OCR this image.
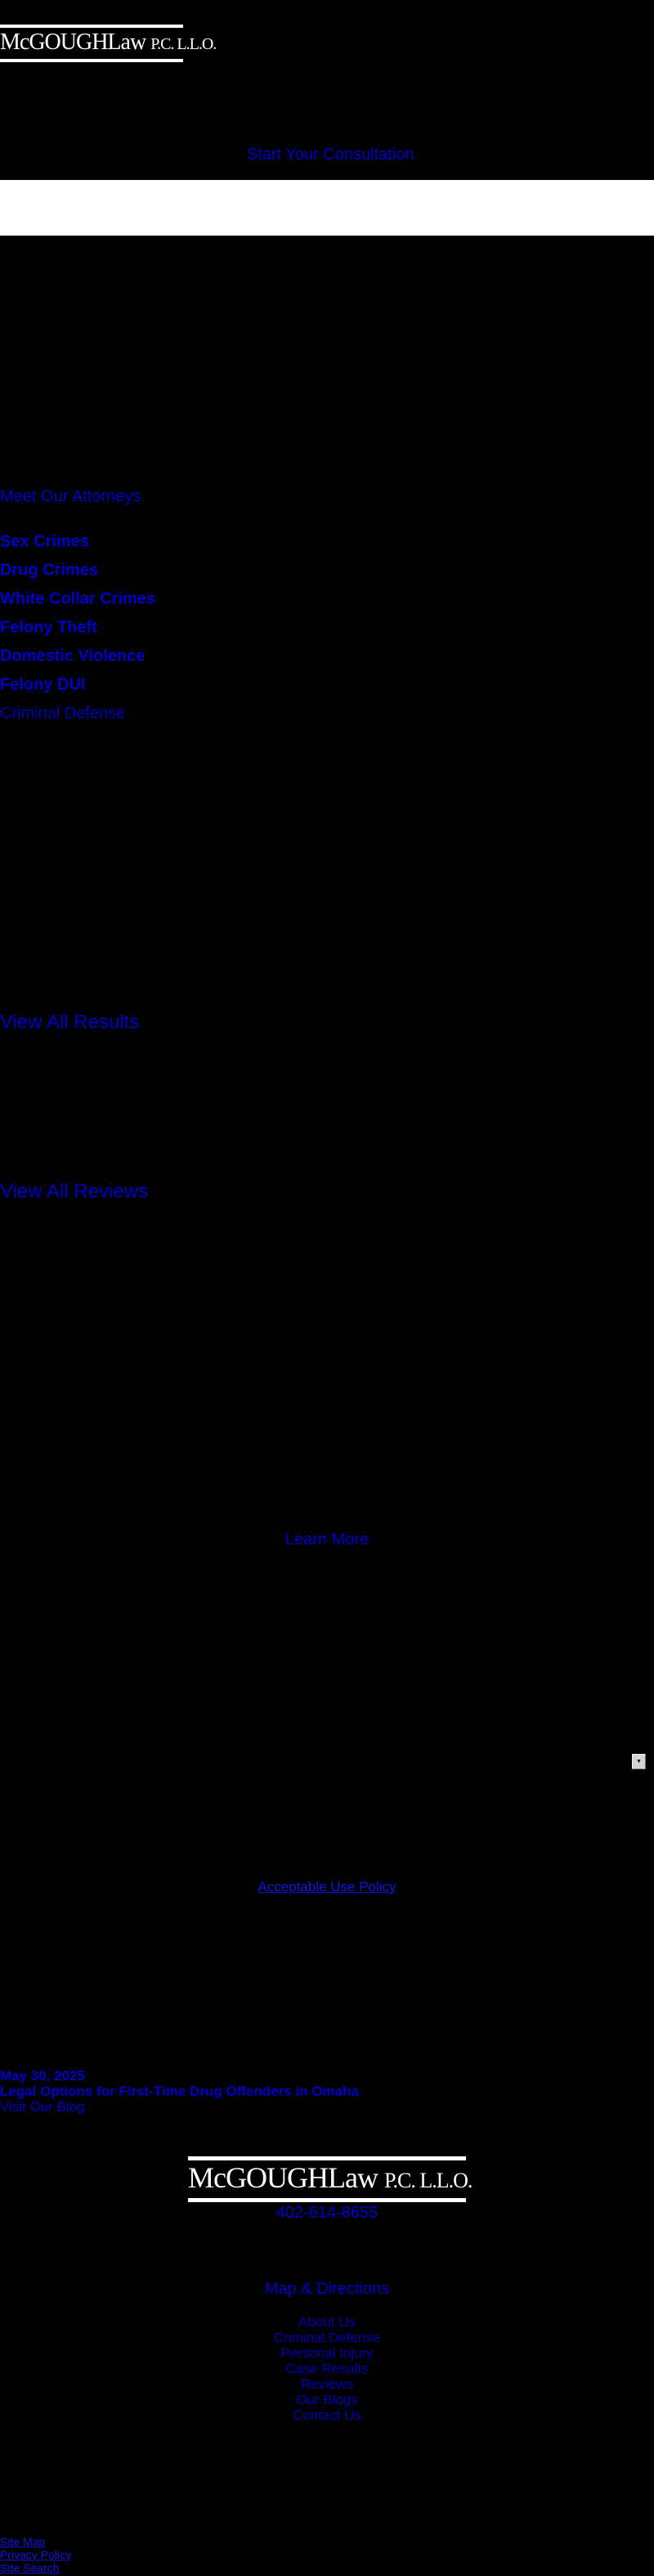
McGOUGHLaw P.C. L.L.O.
Start Your Consultation
Meet Our Attorneys
Sex Crimes
Drug Crimes
White Collar Crimes
Felony Theft
Domestic Violence
Felony DUI
Criminal Defense
View All Results
View All Reviews
Learn More
▼
Acceptable Use Policy
May 30, 2025
Legal Options for First-Time Drug Offenders in Omaha
Visit Our Blog
McGOUGHLaw P.C. L.L.O.
402-614-8655
Map & Directions
About Us
Criminal Defense
Personal Injury
Case Results
Reviews
Our Blogs
Contact Us
Site Map
Privacy Policy
Site Search
